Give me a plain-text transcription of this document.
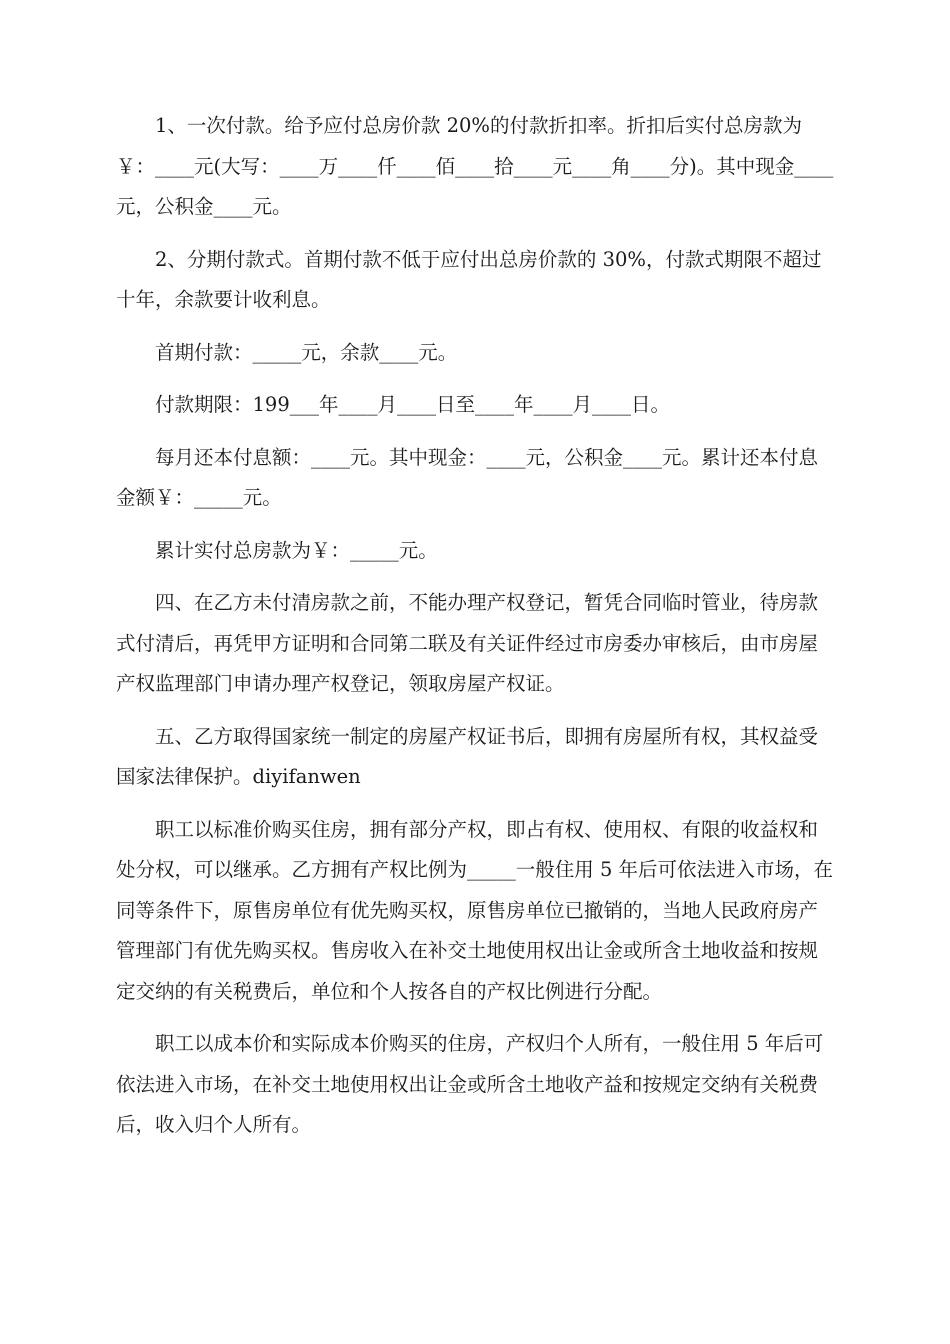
1、一次付款。给予应付总房价款 20%的付款折扣率。折扣后实付总房款为￥：____元(大写：____万____仟____佰____拾____元____角____分)。其中现金____元，公积金____元。

2、分期付款式。首期付款不低于应付出总房价款的 30%，付款式期限不超过十年，余款要计收利息。

首期付款：_____元，余款____元。

付款期限：199___年____月____日至____年____月____日。

每月还本付息额：____元。其中现金：____元，公积金____元。累计还本付息金额￥：_____元。

累计实付总房款为￥：_____元。

四、在乙方未付清房款之前，不能办理产权登记，暂凭合同临时管业，待房款式付清后，再凭甲方证明和合同第二联及有关证件经过市房委办审核后，由市房屋产权监理部门申请办理产权登记，领取房屋产权证。

五、乙方取得国家统一制定的房屋产权证书后，即拥有房屋所有权，其权益受国家法律保护。diyifanwen

职工以标准价购买住房，拥有部分产权，即占有权、使用权、有限的收益权和处分权，可以继承。乙方拥有产权比例为_____一般住用 5 年后可依法进入市场，在同等条件下，原售房单位有优先购买权，原售房单位已撤销的，当地人民政府房产管理部门有优先购买权。售房收入在补交土地使用权出让金或所含土地收益和按规定交纳的有关税费后，单位和个人按各自的产权比例进行分配。

职工以成本价和实际成本价购买的住房，产权归个人所有，一般住用 5 年后可依法进入市场，在补交土地使用权出让金或所含土地收产益和按规定交纳有关税费后，收入归个人所有。
